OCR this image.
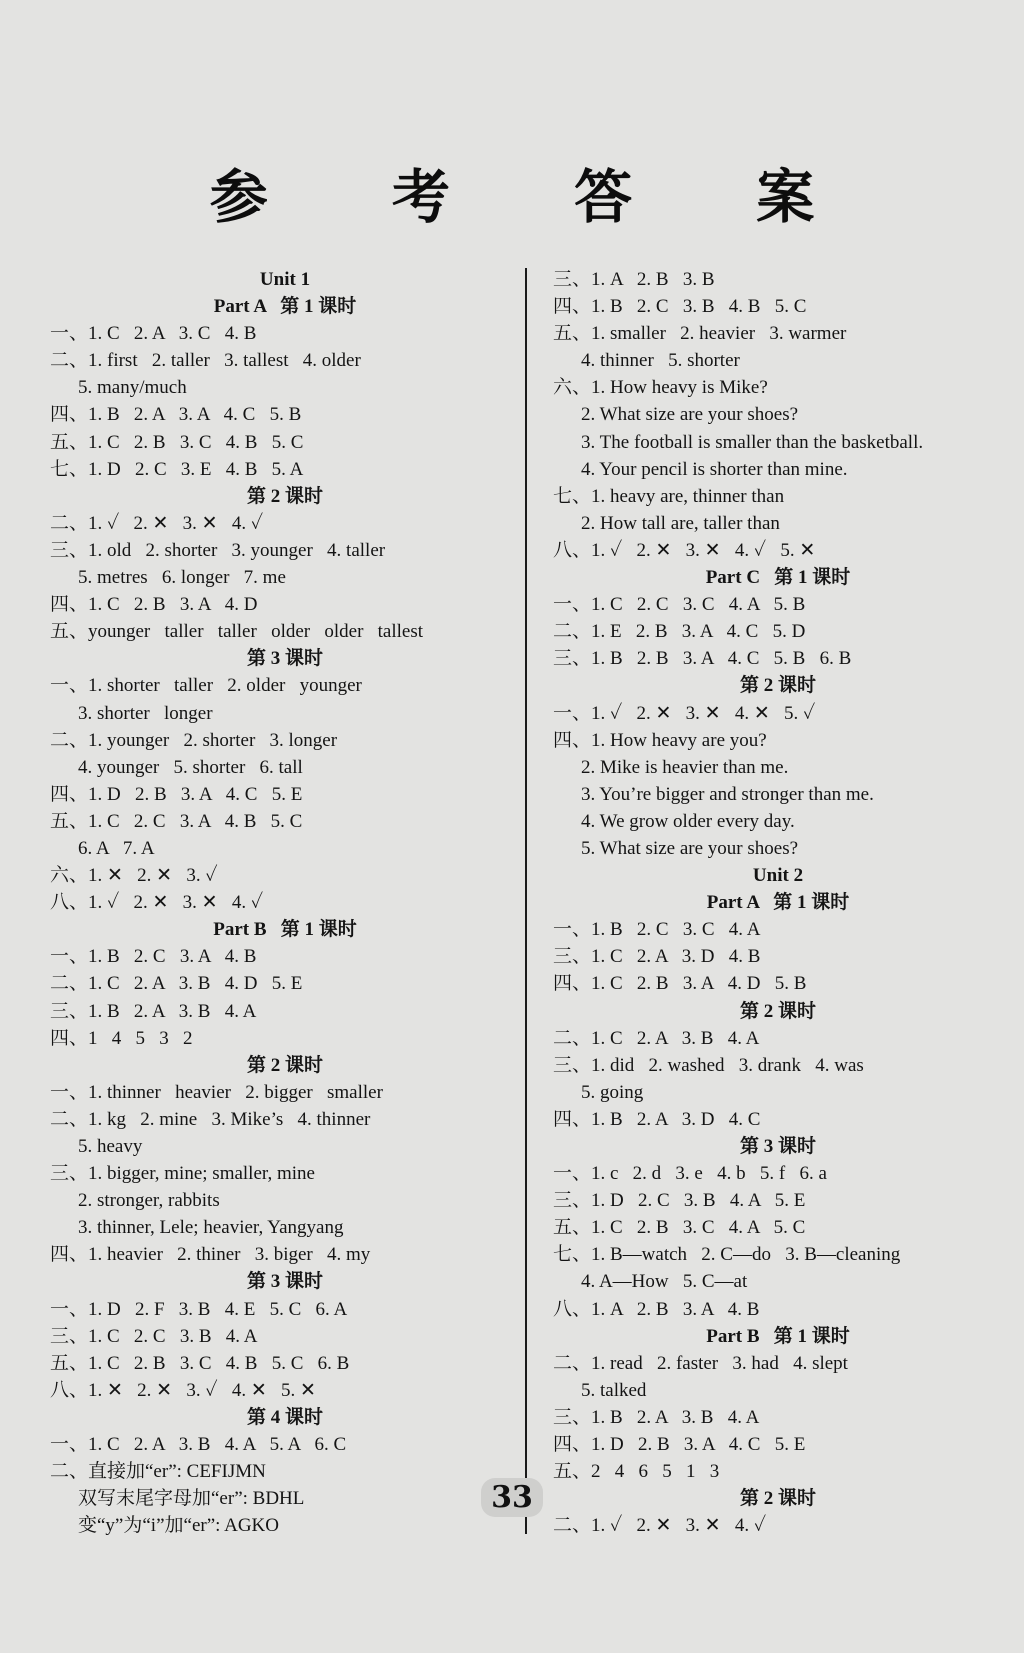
参 考 答 案
Unit 1
Part A   第 1 课时
一、1. C   2. A   3. C   4. B
二、1. first   2. taller   3. tallest   4. older
5. many/much
四、1. B   2. A   3. A   4. C   5. B
五、1. C   2. B   3. C   4. B   5. C
七、1. D   2. C   3. E   4. B   5. A
第 2 课时
二、1. ✓   2. ✕   3. ✕   4. ✓
三、1. old   2. shorter   3. younger   4. taller
5. metres   6. longer   7. me
四、1. C   2. B   3. A   4. D
五、younger   taller   taller   older   older   tallest
第 3 课时
一、1. shorter   taller   2. older   younger
3. shorter   longer
二、1. younger   2. shorter   3. longer
4. younger   5. shorter   6. tall
四、1. D   2. B   3. A   4. C   5. E
五、1. C   2. C   3. A   4. B   5. C
6. A   7. A
六、1. ✕   2. ✕   3. ✓
八、1. ✓   2. ✕   3. ✕   4. ✓
Part B   第 1 课时
一、1. B   2. C   3. A   4. B
二、1. C   2. A   3. B   4. D   5. E
三、1. B   2. A   3. B   4. A
四、1   4   5   3   2
第 2 课时
一、1. thinner   heavier   2. bigger   smaller
二、1. kg   2. mine   3. Mike’s   4. thinner
5. heavy
三、1. bigger, mine; smaller, mine
2. stronger, rabbits
3. thinner, Lele; heavier, Yangyang
四、1. heavier   2. thiner   3. biger   4. my
第 3 课时
一、1. D   2. F   3. B   4. E   5. C   6. A
三、1. C   2. C   3. B   4. A
五、1. C   2. B   3. C   4. B   5. C   6. B
八、1. ✕   2. ✕   3. ✓   4. ✕   5. ✕
第 4 课时
一、1. C   2. A   3. B   4. A   5. A   6. C
二、直接加“er”: CEFIJMN
双写末尾字母加“er”: BDHL
变“y”为“i”加“er”: AGKO
三、1. A   2. B   3. B
四、1. B   2. C   3. B   4. B   5. C
五、1. smaller   2. heavier   3. warmer
4. thinner   5. shorter
六、1. How heavy is Mike?
2. What size are your shoes?
3. The football is smaller than the basketball.
4. Your pencil is shorter than mine.
七、1. heavy are, thinner than
2. How tall are, taller than
八、1. ✓   2. ✕   3. ✕   4. ✓   5. ✕
Part C   第 1 课时
一、1. C   2. C   3. C   4. A   5. B
二、1. E   2. B   3. A   4. C   5. D
三、1. B   2. B   3. A   4. C   5. B   6. B
第 2 课时
一、1. ✓   2. ✕   3. ✕   4. ✕   5. ✓
四、1. How heavy are you?
2. Mike is heavier than me.
3. You’re bigger and stronger than me.
4. We grow older every day.
5. What size are your shoes?
Unit 2
Part A   第 1 课时
一、1. B   2. C   3. C   4. A
三、1. C   2. A   3. D   4. B
四、1. C   2. B   3. A   4. D   5. B
第 2 课时
二、1. C   2. A   3. B   4. A
三、1. did   2. washed   3. drank   4. was
5. going
四、1. B   2. A   3. D   4. C
第 3 课时
一、1. c   2. d   3. e   4. b   5. f   6. a
三、1. D   2. C   3. B   4. A   5. E
五、1. C   2. B   3. C   4. A   5. C
七、1. B—watch   2. C—do   3. B—cleaning
4. A—How   5. C—at
八、1. A   2. B   3. A   4. B
Part B   第 1 课时
二、1. read   2. faster   3. had   4. slept
5. talked
三、1. B   2. A   3. B   4. A
四、1. D   2. B   3. A   4. C   5. E
五、2   4   6   5   1   3
第 2 课时
二、1. ✓   2. ✕   3. ✕   4. ✓
33
